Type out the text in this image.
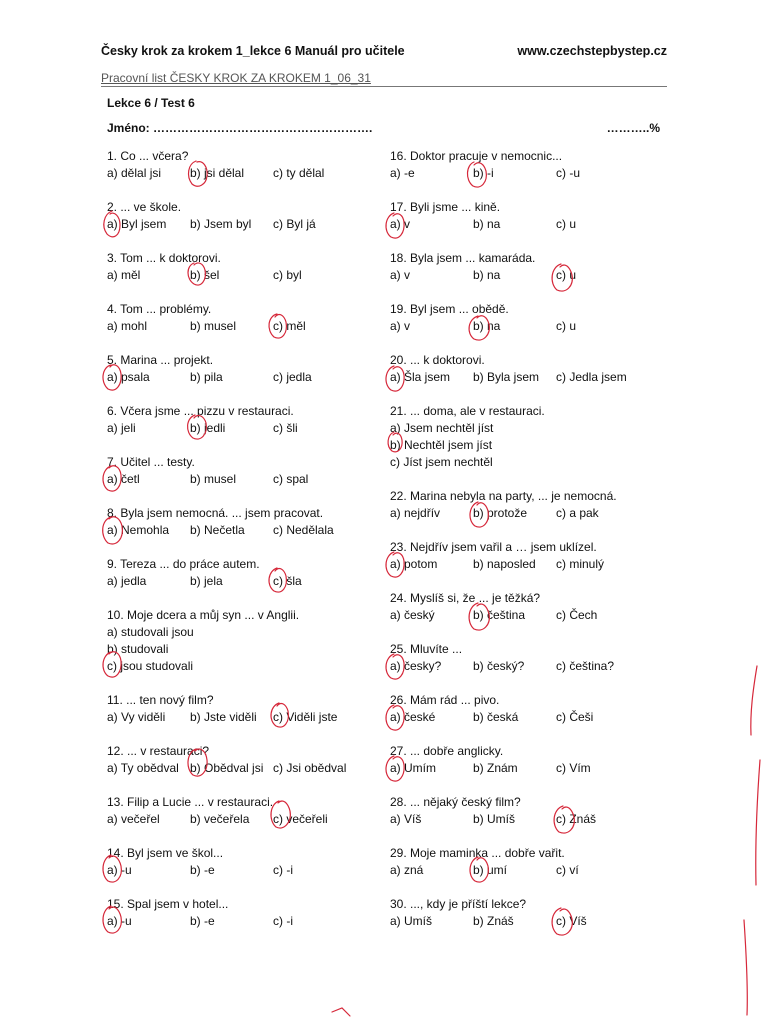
Česky krok za krokem 1_lekce 6 Manuál pro učitele	www.czechstepbystep.cz
Pracovní list ČESKY KROK ZA KROKEM 1_06_31
Lekce 6 / Test 6
Jméno: ……………………………………………….	………..%
1. Co ... včera?
a) dělal jsi	b) jsi dělal	c) ty dělal
2. ... ve škole.
a) Byl jsem	b) Jsem byl	c) Byl já
3. Tom ... k doktorovi.
a) měl	b) šel	c) byl
4. Tom ... problémy.
a) mohl	b) musel	c) měl
5. Marina ... projekt.
a) psala	b) pila	c) jedla
6. Včera jsme ... pizzu v restauraci.
a) jeli	b) jedli	c) šli
7. Učitel ... testy.
a) četl	b) musel	c) spal
8. Byla jsem nemocná. ... jsem pracovat.
a) Nemohla	b) Nečetla	c) Nedělala
9. Tereza ... do práce autem.
a) jedla	b) jela	c) šla
10. Moje dcera a můj syn ... v Anglii.
a) studovali jsou
b) studovali
c) jsou studovali
11. ... ten nový film?
a) Vy viděli	b) Jste viděli	c) Viděli jste
12. ... v restauraci?
a) Ty obědval b) Obědval jsi c) Jsi obědval
13. Filip a Lucie ... v restauraci.
a) večeřel	b) večeřela	c) večeřeli
14. Byl jsem ve škol...
a) -u	b) -e	c) -i
15. Spal jsem v hotel...
a) -u	b) -e	c) -i
16. Doktor pracuje v nemocnic...
a) -e	b) -i	c) -u
17. Byli jsme ... kině.
a) v	b) na	c) u
18. Byla jsem ... kamaráda.
a) v	b) na	c) u
19. Byl jsem ... obědě.
a) v	b) na	c) u
20. ... k doktorovi.
a) Šla jsem	b) Byla jsem	c) Jedla jsem
21. ... doma, ale v restauraci.
a) Jsem nechtěl jíst
b) Nechtěl jsem jíst
c) Jíst jsem nechtěl
22. Marina nebyla na party, ... je nemocná.
a) nejdřív	b) protože	c) a pak
23. Nejdřív jsem vařil a … jsem uklízel.
a) potom	b) naposled	c) minulý
24. Myslíš si, že ... je těžká?
a) český	b) čeština	c) Čech
25. Mluvíte ...
a) česky?	b) český?	c) čeština?
26. Mám rád ... pivo.
a) české	b) česká	c) Češi
27. ... dobře anglicky.
a) Umím	b) Znám	c) Vím
28. ... nějaký český film?
a) Víš	b) Umíš	c) Znáš
29. Moje maminka ... dobře vařit.
a) zná	b) umí	c) ví
30. ..., kdy je příští lekce?
a) Umíš	b) Znáš	c) Víš
